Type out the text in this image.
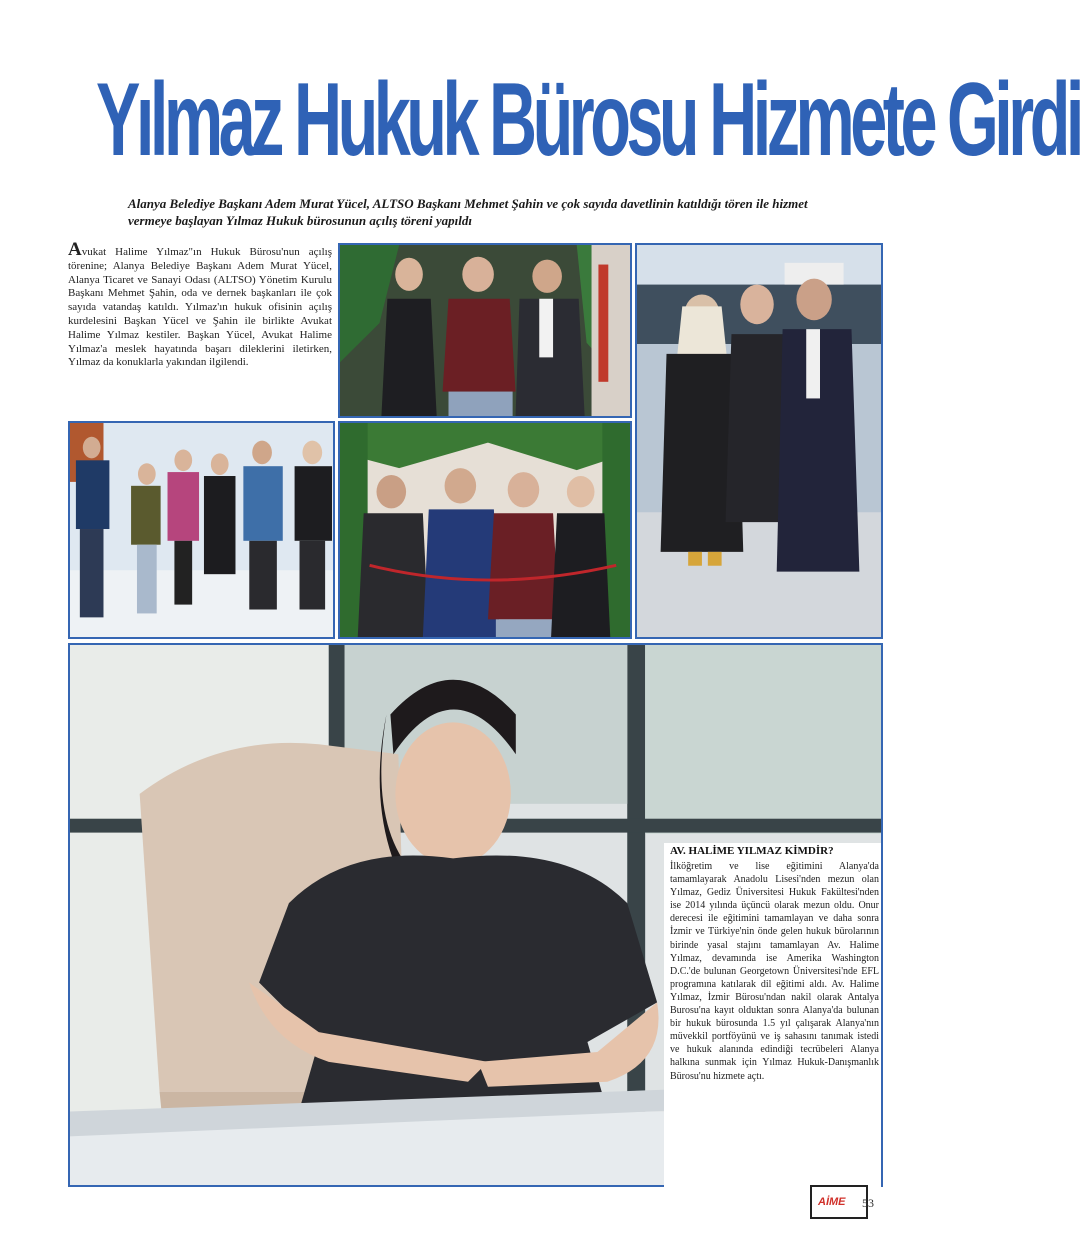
Yılmaz Hukuk Bürosu Hizmete Girdi

Alanya Belediye Başkanı Adem Murat Yücel, ALTSO Başkanı Mehmet Şahin ve çok sayıda davetlinin katıldığı tören ile hizmet vermeye başlayan Yılmaz Hukuk bürosunun açılış töreni yapıldı

Avukat Halime Yılmaz"ın Hukuk Bürosu'nun açılış törenine; Alanya Belediye Başkanı Adem Murat Yücel, Alanya Ticaret ve Sanayi Odası (ALTSO) Yönetim Kurulu Başkanı Mehmet Şahin, oda ve dernek başkanları ile çok sayıda vatandaş katıldı. Yılmaz'ın hukuk ofisinin açılış kurdelesini Başkan Yücel ve Şahin ile birlikte Avukat Halime Yılmaz kestiler. Başkan Yücel, Avukat Halime Yılmaz'a meslek hayatında başarı dileklerini iletirken, Yılmaz da konuklarla yakından ilgilendi.

AV. HALİME YILMAZ KİMDİR?

İlköğretim ve lise eğitimini Alanya'da tamamlayarak Anadolu Lisesi'nden mezun olan Yılmaz, Gediz Üniversitesi Hukuk Fakültesi'nden ise 2014 yılında üçüncü olarak mezun oldu. Onur derecesi ile eğitimini tamamlayan ve daha sonra İzmir ve Türkiye'nin önde gelen hukuk bürolarının birinde yasal stajını tamamlayan Av. Halime Yılmaz, devamında ise Amerika Washington D.C.'de bulunan Georgetown Üniversitesi'nde EFL programına katılarak dil eğitimi aldı. Av. Halime Yılmaz, İzmir Bürosu'ndan nakil olarak Antalya Burosu'na kayıt olduktan sonra Alanya'da bulunan bir hukuk bürosunda 1.5 yıl çalışarak Alanya'nın müvekkil portföyünü ve iş sahasını tanımak istedi ve hukuk alanında edindiği tecrübeleri Alanya halkına sunmak için Yılmaz Hukuk-Danışmanlık Bürosu'nu hizmete açtı.

AİME 53
